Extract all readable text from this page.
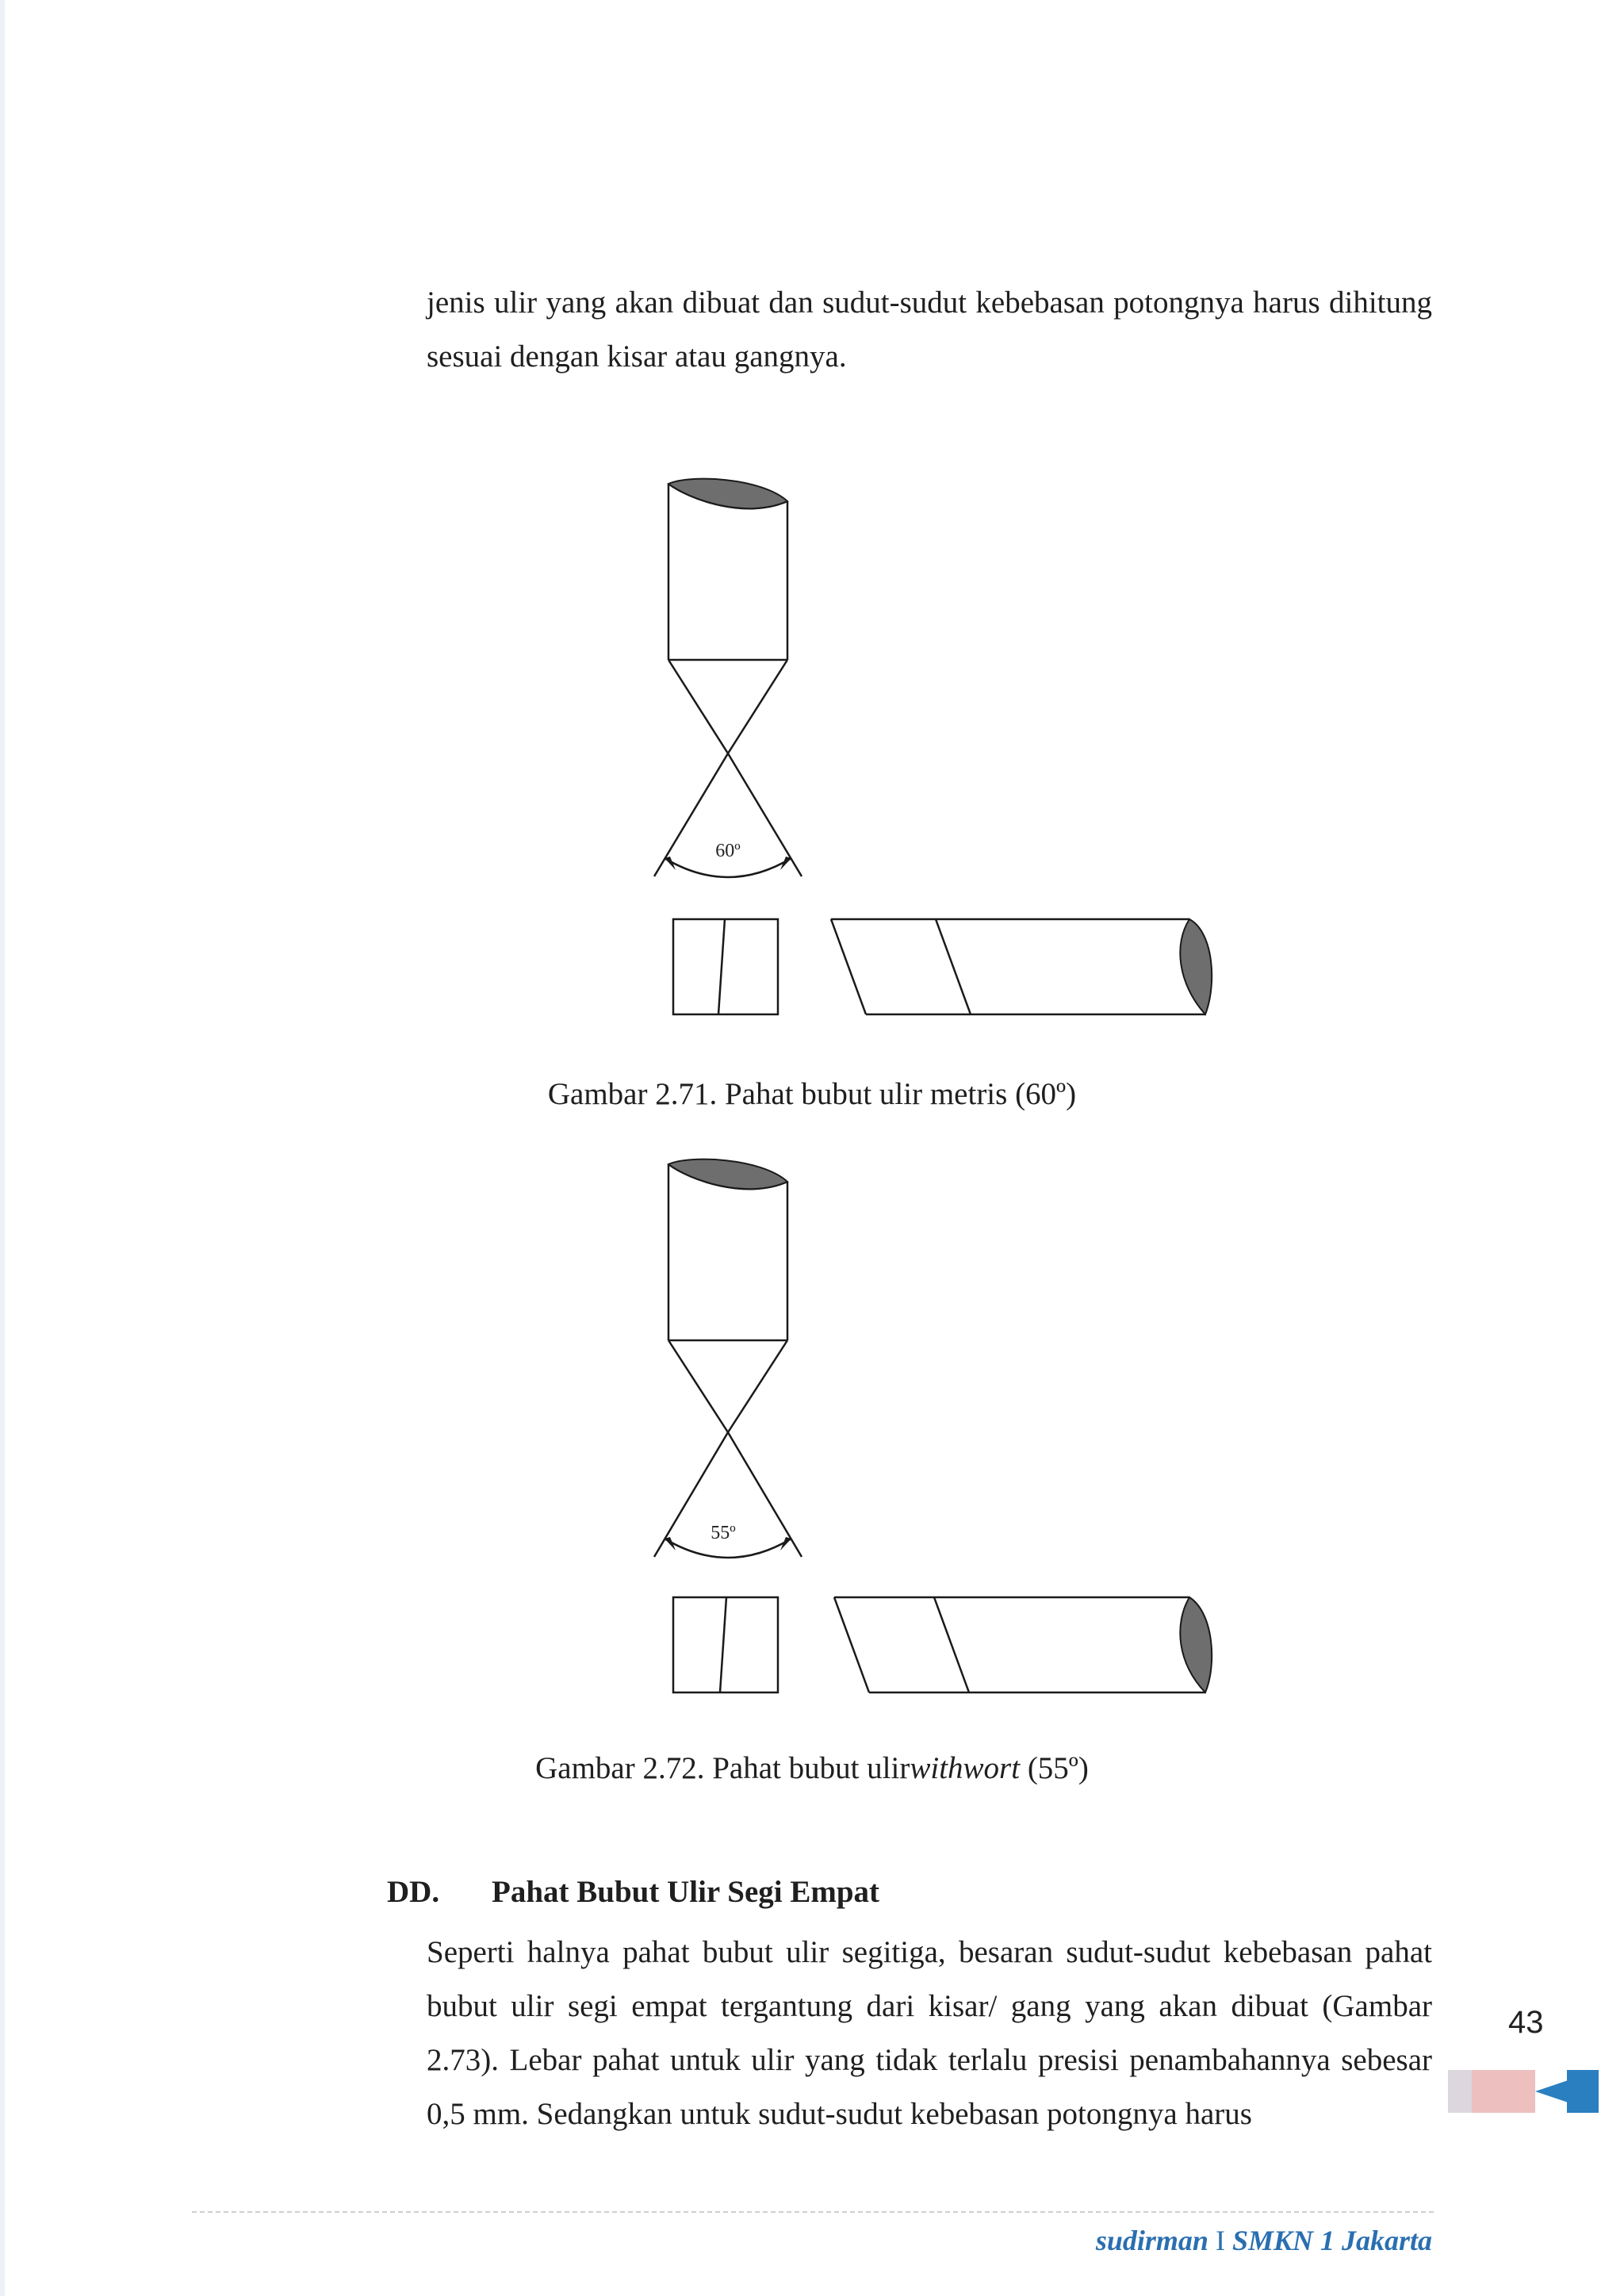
jenis ulir yang akan dibuat dan sudut-sudut kebebasan potongnya harus dihitung sesuai dengan kisar atau gangnya.

60º
Gambar 2.71. Pahat bubut ulir metris (60º)
55º
Gambar 2.72. Pahat bubut ulirwithwort (55º)
DD. Pahat Bubut Ulir Segi Empat

Seperti halnya pahat bubut ulir segitiga, besaran sudut-sudut kebebasan pahat bubut ulir segi empat tergantung dari kisar/ gang yang akan dibuat (Gambar 2.73). Lebar pahat untuk ulir yang tidak terlalu presisi penambahannya sebesar 0,5 mm. Sedangkan untuk sudut-sudut kebebasan potongnya harus

43
sudirman I SMKN 1 Jakarta
